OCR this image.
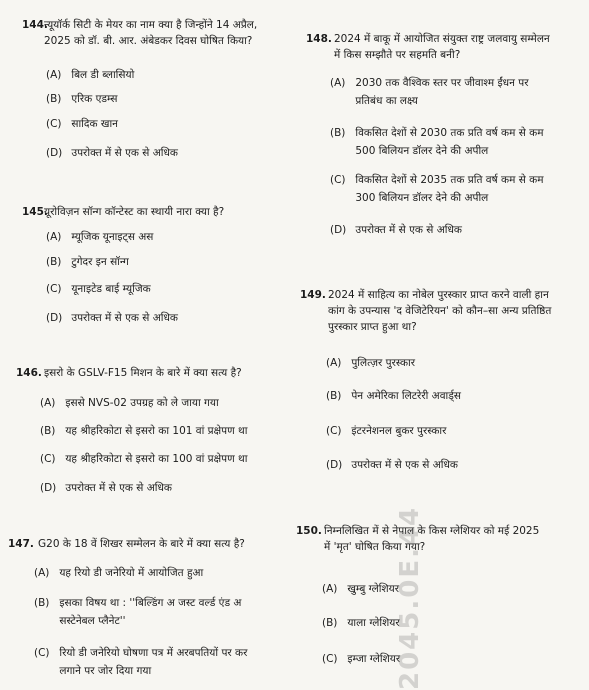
144.
न्यूयॉर्क सिटी के मेयर का नाम क्या है जिन्होंने 14 अप्रैल,
2025 को डॉ. बी. आर. अंबेडकर दिवस घोषित किया?
(A) बिल डी ब्लासियो
(B) एरिक एडम्स
(C) सादिक खान
(D) उपरोक्त में से एक से अधिक
145.
यूरोविज़न सॉन्ग कॉन्टेस्ट का स्थायी नारा क्या है?
(A) म्यूजिक यूनाइट्स अस
(B) टुगेदर इन सॉन्ग
(C) यूनाइटेड बाई म्यूजिक
(D) उपरोक्त में से एक से अधिक
146. इसरो के GSLV-F15 मिशन के बारे में क्या सत्य है?
(A) इससे NVS-02 उपग्रह को ले जाया गया
(B) यह श्रीहरिकोटा से इसरो का 101 वां प्रक्षेपण था
(C) यह श्रीहरिकोटा से इसरो का 100 वां प्रक्षेपण था
(D) उपरोक्त में से एक से अधिक
147. G20 के 18 वें शिखर सम्मेलन के बारे में क्या सत्य है?
(A) यह रियो डी जनेरियो में आयोजित हुआ
(B) इसका विषय था : ''बिल्डिंग अ जस्ट वर्ल्ड एंड अ
सस्टेनेबल प्लैनेट''
(C) रियो डी जनेरियो घोषणा पत्र में अरबपतियों पर कर
लगाने पर जोर दिया गया
148. 2024 में बाकू में आयोजित संयुक्त राष्ट्र जलवायु सम्मेलन
में किस सम्झौते पर सहमति बनी?
(A) 2030 तक वैश्विक स्तर पर जीवाश्म ईंधन पर
प्रतिबंध का लक्ष्य
(B) विकसित देशों से 2030 तक प्रति वर्ष कम से कम
500 बिलियन डॉलर देने की अपील
(C) विकसित देशों से 2035 तक प्रति वर्ष कम से कम
300 बिलियन डॉलर देने की अपील
(D) उपरोक्त में से एक से अधिक
149. 2024 में साहित्य का नोबेल पुरस्कार प्राप्त करने वाली हान
कांग के उपन्यास 'द वेजिटेरियन' को कौन–सा अन्य प्रतिष्ठित
पुरस्कार प्राप्त हुआ था?
(A) पुलित्ज़र पुरस्कार
(B) पेन अमेरिका लिटरेरी अवार्ड्स
(C) इंटरनेशनल बुकर पुरस्कार
(D) उपरोक्त में से एक से अधिक
150. निम्नलिखित में से नेपाल के किस ग्लेशियर को मई 2025
में 'मृत' घोषित किया गया?
(A) खुम्बु ग्लेशियर
(B) याला ग्लेशियर
(C) इम्जा ग्लेशियर
2045.0E.44
